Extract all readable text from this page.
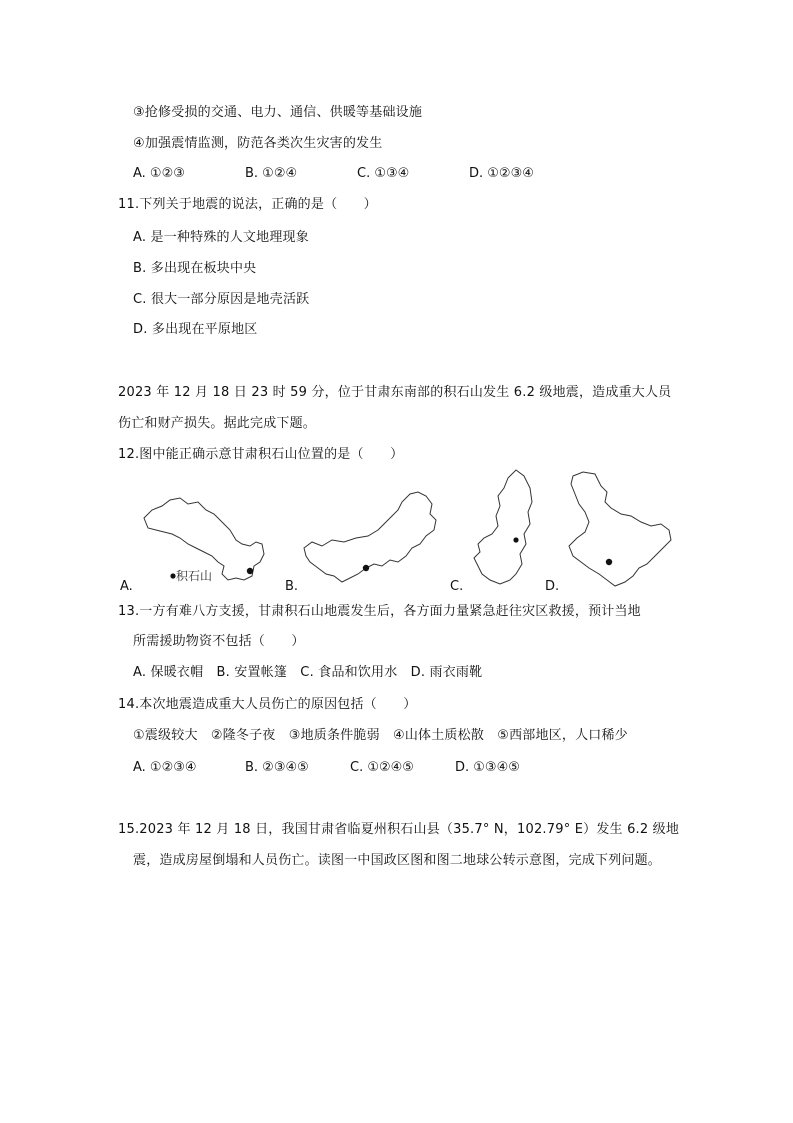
③抢修受损的交通、电力、通信、供暖等基础设施
④加强震情监测，防范各类次生灾害的发生
A. ①②③	B. ①②④	C. ①③④	D. ①②③④
11.下列关于地震的说法，正确的是（　　）
A. 是一种特殊的人文地理现象
B. 多出现在板块中央
C. 很大一部分原因是地壳活跃
D. 多出现在平原地区
2023 年 12 月 18 日 23 时 59 分，位于甘肃东南部的积石山发生 6.2 级地震，造成重大人员
伤亡和财产损失。据此完成下题。
12.图中能正确示意甘肃积石山位置的是（　　）
积石山
A.	B.	C.	D.
13.一方有难八方支援，甘肃积石山地震发生后，各方面力量紧急赶往灾区救援，预计当地
所需援助物资不包括（　　）
A. 保暖衣帽　B. 安置帐篷　C. 食品和饮用水　D. 雨衣雨靴
14.本次地震造成重大人员伤亡的原因包括（　　）
①震级较大　②隆冬子夜　③地质条件脆弱　④山体土质松散　⑤西部地区，人口稀少
A. ①②③④	B. ②③④⑤	C. ①②④⑤	D. ①③④⑤
15.2023 年 12 月 18 日，我国甘肃省临夏州积石山县（35.7° N，102.79° E）发生 6.2 级地
震，造成房屋倒塌和人员伤亡。读图一中国政区图和图二地球公转示意图，完成下列问题。
